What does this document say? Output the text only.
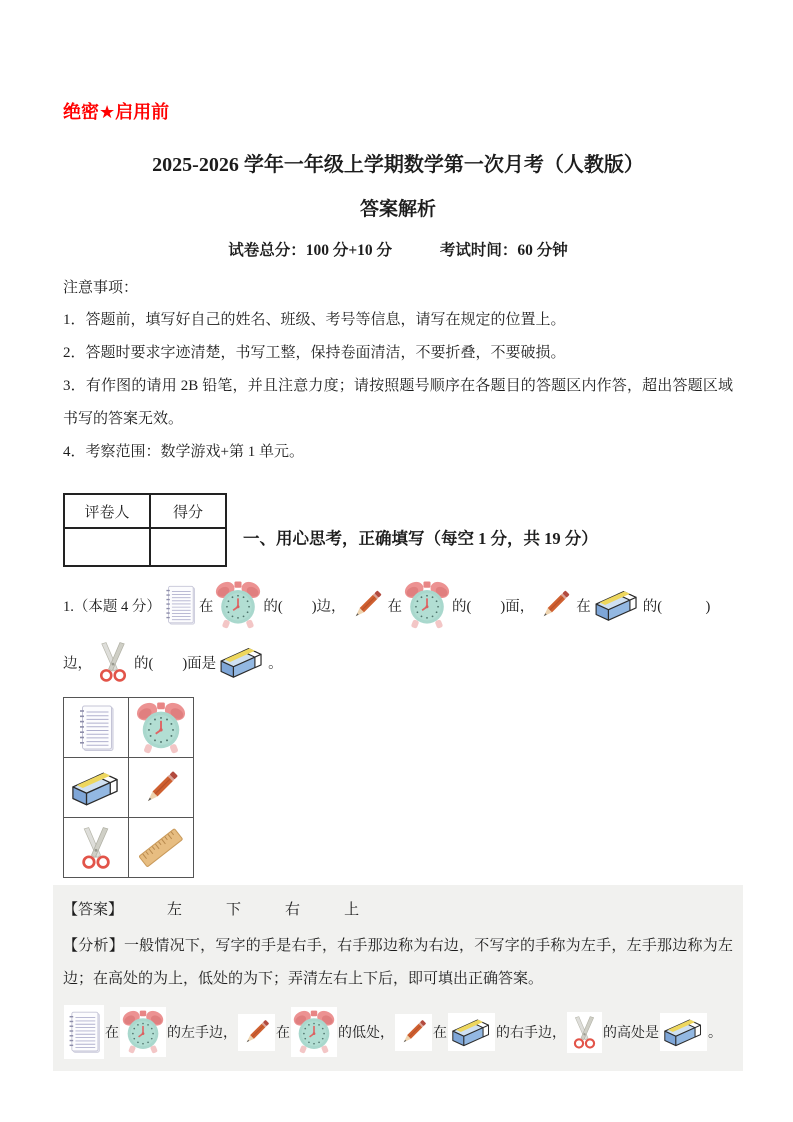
绝密★启用前
2025-2026 学年一年级上学期数学第一次月考（人教版）
答案解析
试卷总分：100 分+10 分	考试时间：60 分钟
注意事项：
1．答题前，填写好自己的姓名、班级、考号等信息，请写在规定的位置上。
2．答题时要求字迹清楚，书写工整，保持卷面清洁，不要折叠，不要破损。
3．有作图的请用 2B 铅笔，并且注意力度；请按照题号顺序在各题目的答题区内作答，超出答题区域书写的答案无效。
4．考察范围：数学游戏+第 1 单元。
评卷人	得分

一、用心思考，正确填写（每空 1 分，共 19 分）
1.（本题 4 分）	在	的(　　)边，	在	的(　　)面，	在	的(　　　)
边，	的(　　)面是	。
【答案】	左	下	右	上
【分析】一般情况下，写字的手是右手，右手那边称为右边，不写字的手称为左手，左手那边称为左边；在高处的为上，低处的为下；弄清左右上下后，即可填出正确答案。
在	的左手边，	在	的低处，	在	的右手边，	的高处是	。
